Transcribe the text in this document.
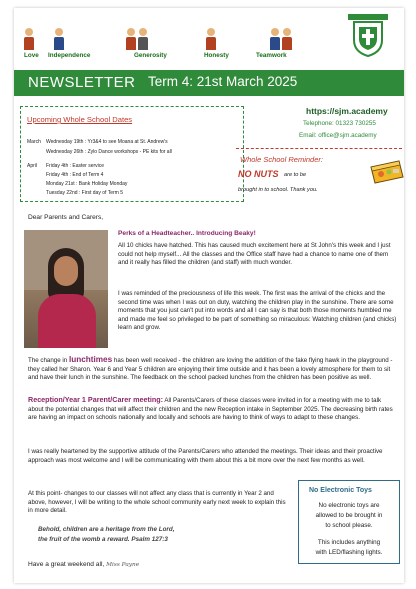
Love Independence	Generosity	Honesty	Teamwork
NEWSLETTER Term 4: 21st March 2025
Upcoming Whole School Dates
March Wednesday 19th : Yr3&4 to see Moana at St. Andrew's
Wednesday 26th : Zylo Dance workshops - PE kits for all
April Friday 4th : Easter service
Friday 4th : End of Term 4
Monday 21st : Bank Holiday Monday
Tuesday 22nd : First day of Term 5
https://sjm.academy
Telephone: 01323 730255
Email: office@sjm.academy
Whole School Reminder:
NO NUTS are to be
brought in to school. Thank you.
Dear Parents and Carers,
Perks of a Headteacher.. Introducing Beaky!
All 10 chicks have hatched. This has caused much excitement here at St John's this week and I just could not help myself... All the classes and the Office staff have had a chance to name one of them and it really has filled the children (and staff) with much wonder.
I was reminded of the preciousness of life this week. The first was the arrival of the chicks and the second time was when I was out on duty, watching the children play in the sunshine. There are some moments that you just can't put into words and all I can say is that both those moments humbled me and made me feel so privileged to be part of something so miraculous: Watching children (and chicks) learn and grow.
The change in lunchtimes has been well received - the children are loving the addition of the fake flying hawk in the playground - they called her Sharon. Year 6 and Year 5 children are enjoying their time outside and it has been a lovely atmosphere for them to sit and have their lunch in the sunshine. The feedback on the school packed lunches from the children has been positive as well.
Reception/Year 1 Parent/Carer meeting: All Parents/Carers of these classes were invited in for a meeting with me to talk about the potential changes that will affect their children and the new Reception intake in September 2025. The decreasing birth rates are having an impact on schools nationally and locally and schools are having to think of ways to adapt to these changes.
I was really heartened by the supportive attitude of the Parents/Carers who attended the meetings. Their ideas and their proactive approach was most welcome and I will be communicating with them about this a bit more over the next few months as well.
At this point- changes to our classes will not affect any class that is currently in Year 2 and above, however, I will be writing to the whole school community early next week to explain this in more detail.
Behold, children are a heritage from the Lord,
the fruit of the womb a reward. Psalm 127:3
Have a great weekend all, Miss Payne
No Electronic Toys
No electronic toys are
allowed to be brought in
to school please.
This includes anything
with LED/flashing lights.
